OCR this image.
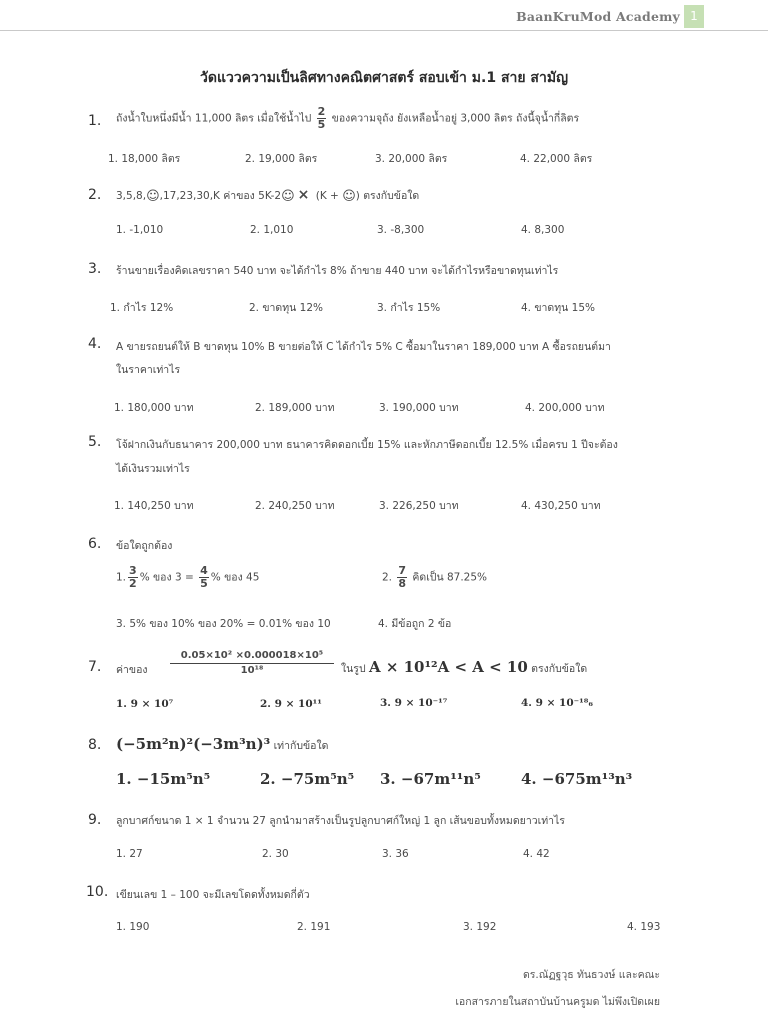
BaanKruMod Academy 1
วัดแววความเป็นลิศทางคณิตศาสตร์ สอบเข้า ม.1 สาย สามัญ
1. ถังน้ำใบหนึ่งมีน้ำ 11,000 ลิตร เมื่อใช้น้ำไป $\frac{2}{5}$ ของความจุถัง ยังเหลือน้ำอยู่ 3,000 ลิตร ถังนี้จุน้ำกี่ลิตร
1. 18,000 ลิตร	2. 19,000 ลิตร	3. 20,000 ลิตร	4. 22,000 ลิตร
2. 3,5,8,☺,17,23,30,K ค่าของ 5K-2☺ × (K + ☺) ตรงกับข้อใด
1. -1,010	2. 1,010	3. -8,300	4. 8,300
3. ร้านขายเรื่องคิดเลขราคา 540 บาท จะได้กำไร 8% ถ้าขาย 440 บาท จะได้กำไรหรือขาดทุนเท่าไร
1. กำไร 12%	2. ขาดทุน 12%	3. กำไร 15%	4. ขาดทุน 15%
4. A ขายรถยนต์ให้ B ขาดทุน 10% B ขายต่อให้ C ได้กำไร 5% C ซื้อมาในราคา 189,000 บาท A ซื้อรถยนต์มา
ในราคาเท่าไร
1. 180,000 บาท	2. 189,000 บาท	3. 190,000 บาท	4. 200,000 บาท
5. โจ้ฝากเงินกับธนาคาร 200,000 บาท ธนาคารคิดดอกเบี้ย 15% และหักภาษีดอกเบี้ย 12.5% เมื่อครบ 1 ปีจะต้อง
ได้เงินรวมเท่าไร
1. 140,250 บาท	2. 240,250 บาท	3. 226,250 บาท	4. 430,250 บาท
6. ข้อใดถูกต้อง
1. $\frac{3}{2}$ % ของ $3 = \frac{4}{5}$ % ของ 45	2. $\frac{7}{8}$ คิดเป็น 87.25%
3. 5% ของ 10% ของ 20% = 0.01% ของ 10	4. มีข้อถูก 2 ข้อ
7. ค่าของ
0.05×10² ×0.000018×10⁵
10¹⁸	ในรูป A × 10¹²A < A < 10 ตรงกับข้อใด
1. 9 × 10⁷	2. 9 × 10¹¹	3. 9 × 10⁻¹⁷	4. 9 × 10⁻¹⁸₆
8. (−5m²n)²(−3m³n)³ เท่ากับข้อใด
1. −15m⁵n⁵	2. −75m⁵n⁵ 3. −67m¹¹n⁵	4. −675m¹³n³
9. ลูกบาศก์ขนาด 1 × 1 จำนวน 27 ลูกนำมาสร้างเป็นรูปลูกบาศก์ใหญ่ 1 ลูก เส้นขอบทั้งหมดยาวเท่าไร
1. 27	2. 30	3. 36	4. 42
10. เขียนเลข 1 – 100 จะมีเลขโดดทั้งหมดกี่ตัว
1. 190	2. 191	3. 192	4. 193
ดร.ณัฏฐวุธ ทันธวงษ์ และคณะ
เอกสารภายในสถาบันบ้านครูมด ไม่พึงเปิดเผย
